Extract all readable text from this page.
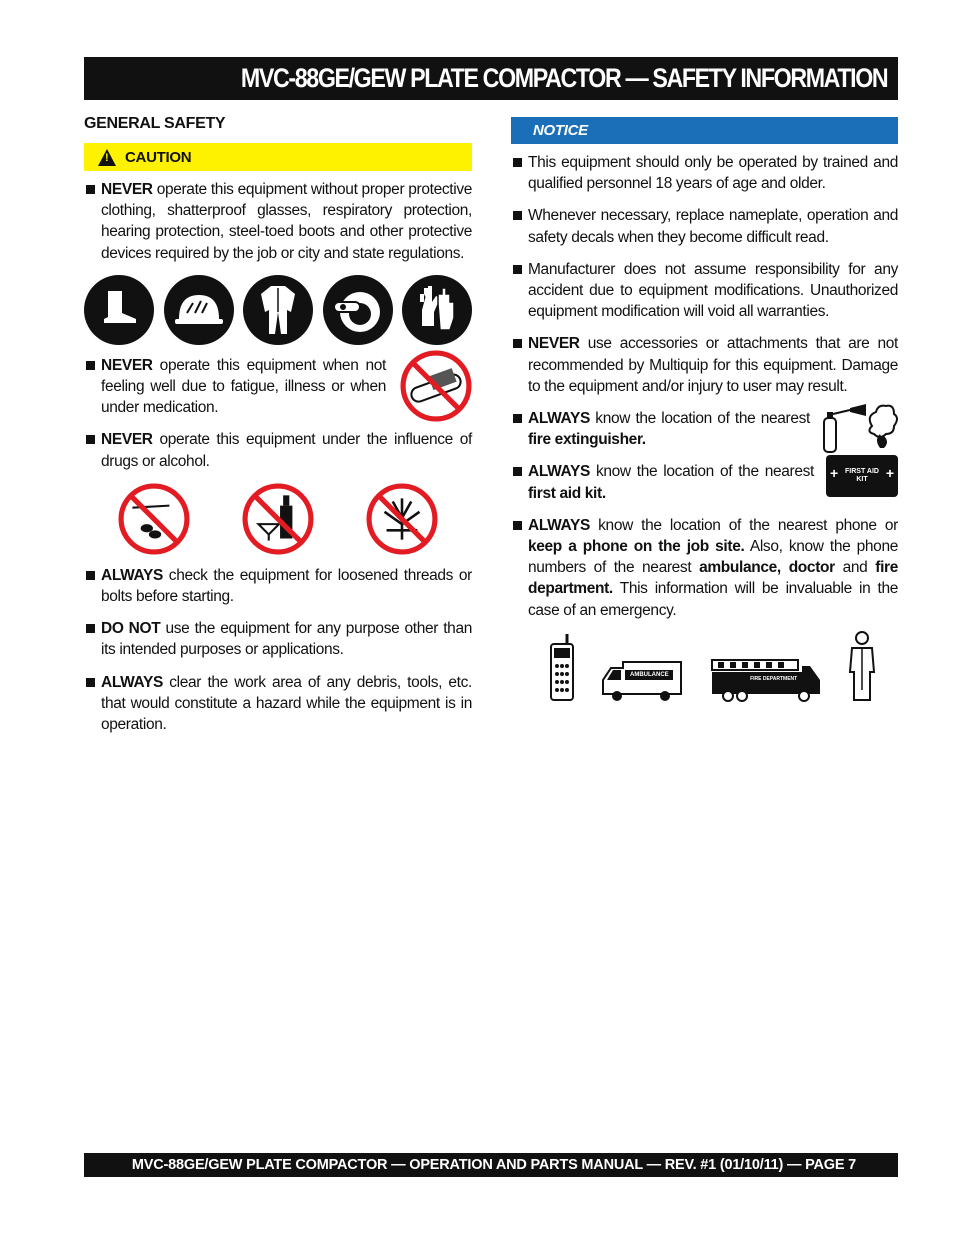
MVC-88GE/GEW PLATE COMPACTOR — SAFETY INFORMATION
GENERAL SAFETY
!
CAUTION
NEVER operate this equipment without proper protective clothing, shatterproof glasses, respiratory protection, hearing protection, steel-toed boots and other protective devices required by the job or city and state regulations.
NEVER operate this equipment when not feeling well due to fatigue, illness or when under medication.
NEVER operate this equipment under the influence of drugs or alcohol.
ALWAYS check the equipment for loosened threads or bolts before starting.
DO NOT use the equipment for any purpose other than its intended purposes or applications.
ALWAYS clear the work area of any debris, tools, etc. that would constitute a hazard while the equipment is in operation.
NOTICE
This equipment should only be operated by trained and qualified personnel 18 years of age and older.
Whenever necessary, replace nameplate, operation and safety decals when they become difficult read.
Manufacturer does not assume responsibility for any accident due to equipment modifications. Unauthorized equipment modification will void all warranties.
NEVER use accessories or attachments that are not recommended by Multiquip for this equipment. Damage to the equipment and/or injury to user may result.
ALWAYS know the location of the nearest fire extinguisher.
ALWAYS know the location of the nearest first aid kit.
+	+
FIRST AID KIT
ALWAYS know the location of the nearest phone or keep a phone on the job site. Also, know the phone numbers of the nearest ambulance, doctor and fire department. This information will be invaluable in the case of an emergency.
AMBULANCE
FIRE DEPARTMENT
MVC-88GE/GEW PLATE COMPACTOR — OPERATION AND PARTS MANUAL — REV. #1 (01/10/11) — PAGE 7
